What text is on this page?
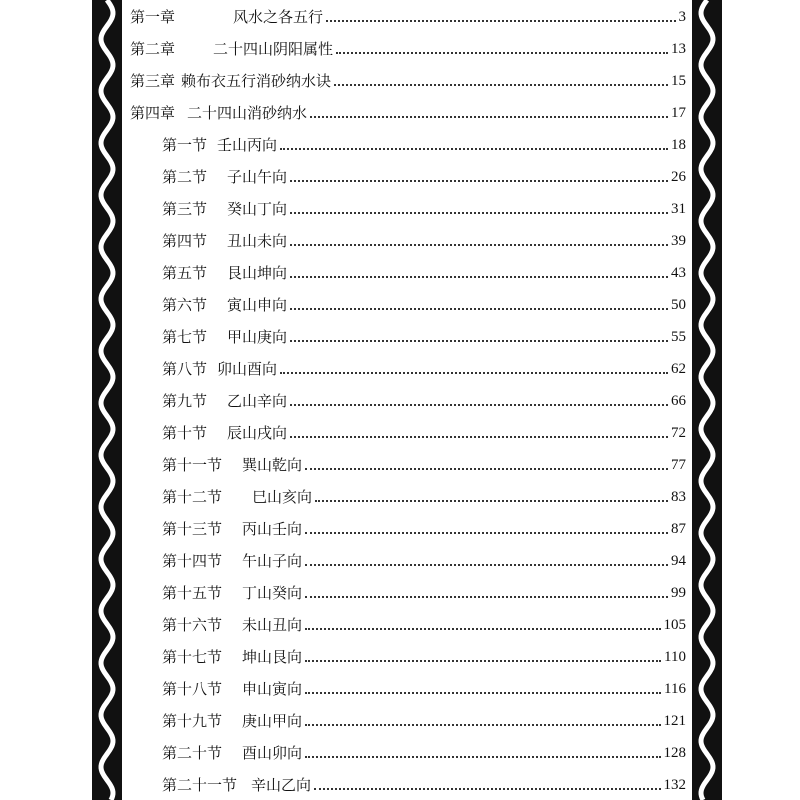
第一章	风水之各五行	3
第二章	二十四山阴阳属性	13
第三章 赖布衣五行消砂纳水诀	15
第四章 二十四山消砂纳水	17
第一节 壬山丙向	18
第二节 子山午向	26
第三节 癸山丁向	31
第四节 丑山未向	39
第五节 艮山坤向	43
第六节 寅山申向	50
第七节 甲山庚向	55
第八节 卯山酉向	62
第九节 乙山辛向	66
第十节 辰山戌向	72
第十一节 巽山乾向	77
第十二节 巳山亥向	83
第十三节 丙山壬向	87
第十四节 午山子向	94
第十五节 丁山癸向	99
第十六节 未山丑向	105
第十七节 坤山艮向	110
第十八节 申山寅向	116
第十九节 庚山甲向	121
第二十节 酉山卯向	128
第二十一节 辛山乙向	132
